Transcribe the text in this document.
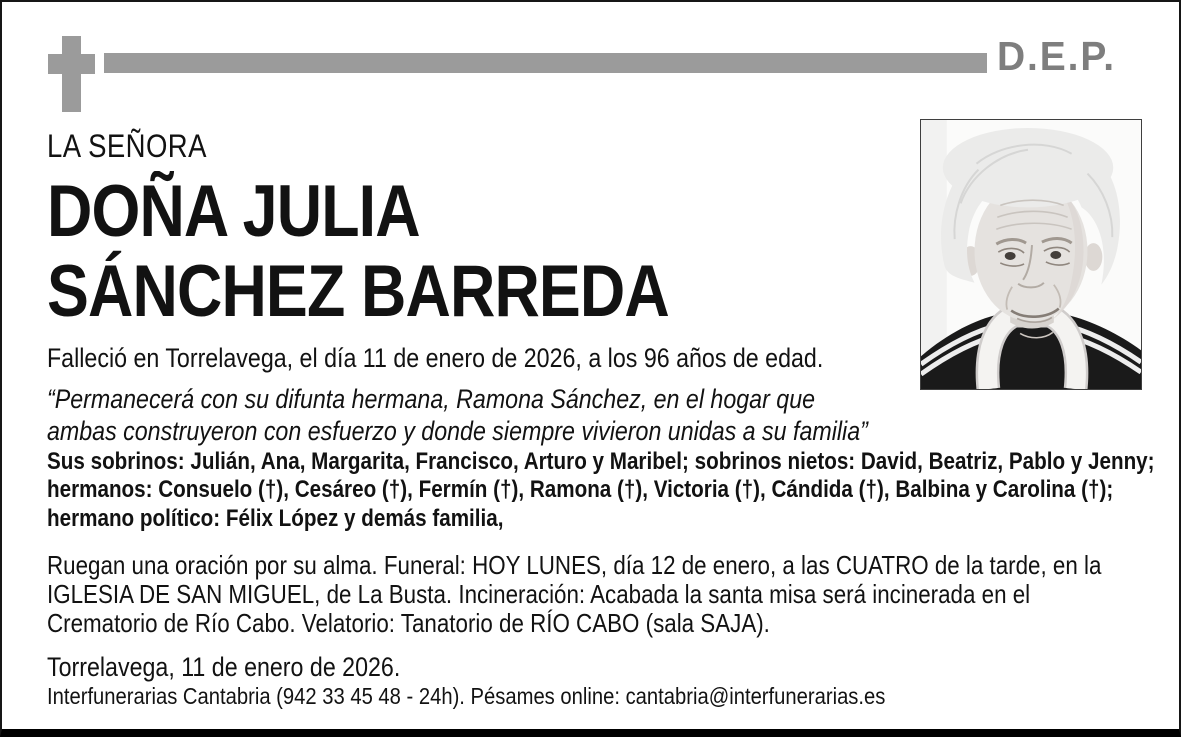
D.E.P.
LA SEÑORA
DOÑA JULIA
SÁNCHEZ BARREDA
Falleció en Torrelavega, el día 11 de enero de 2026, a los 96 años de edad.
“Permanecerá con su difunta hermana, Ramona Sánchez, en el hogar que ambas construyeron con esfuerzo y donde siempre vivieron unidas a su familia”
Sus sobrinos: Julián, Ana, Margarita, Francisco, Arturo y Maribel; sobrinos nietos: David, Beatriz, Pablo y Jenny; hermanos: Consuelo (†), Cesáreo (†), Fermín (†), Ramona (†), Victoria (†), Cándida (†), Balbina y Carolina (†); hermano político: Félix López y demás familia,
Ruegan una oración por su alma. Funeral: HOY LUNES, día 12 de enero, a las CUATRO de la tarde, en la IGLESIA DE SAN MIGUEL, de La Busta. Incineración: Acabada la santa misa será incinerada en el Crematorio de Río Cabo. Velatorio: Tanatorio de RÍO CABO (sala SAJA).
Torrelavega, 11 de enero de 2026.
Interfunerarias Cantabria (942 33 45 48 - 24h). Pésames online: cantabria@interfunerarias.es
